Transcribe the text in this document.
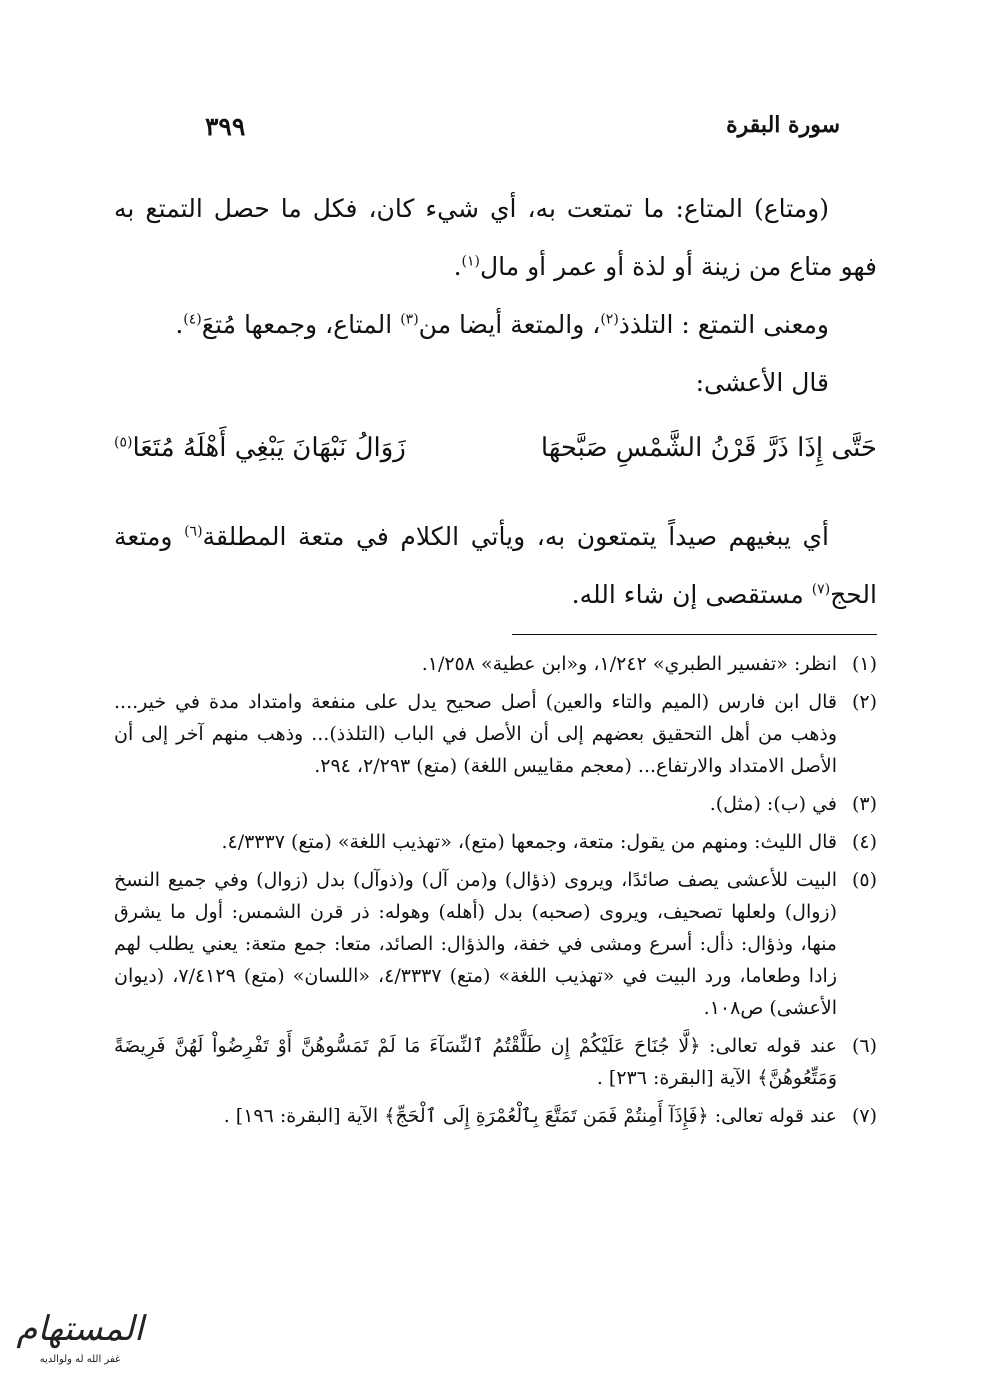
سورة البقرة
٣٩٩

(ومتاع) المتاع: ما تمتعت به، أي شيء كان، فكل ما حصل التمتع به فهو متاع من زينة أو لذة أو عمر أو مال$^{(١)}$.

ومعنى التمتع : التلذذ$^{(٢)}$، والمتعة أيضا من$^{(٣)}$ المتاع، وجمعها مُتعَ$^{(٤)}$.

قال الأعشى:

حَتَّى إِذَا ذَرَّ قَرْنُ الشَّمْسِ صَبَّحهَا
زَوَالُ نَبْهَانَ يَبْغِي أَهْلَهُ مُتَعَا$^{(٥)}$

أي يبغيهم صيداً يتمتعون به، ويأتي الكلام في متعة المطلقة$^{(٦)}$ ومتعة الحج$^{(٧)}$ مستقصى إن شاء الله.

(١)

انظر: «تفسير الطبري» ١/٢٤٢، و«ابن عطية» ١/٢٥٨.

(٢)

قال ابن فارس (الميم والتاء والعين) أصل صحيح يدل على منفعة وامتداد مدة في خير.... وذهب من أهل التحقيق بعضهم إلى أن الأصل في الباب (التلذذ)... وذهب منهم آخر إلى أن الأصل الامتداد والارتفاع... (معجم مقاييس اللغة) (متع) ٢/٢٩٣، ٢٩٤.

(٣)

في (ب): (مثل).

(٤)

قال الليث: ومنهم من يقول: متعة، وجمعها (متع)، «تهذيب اللغة» (متع) ٤/٣٣٣٧.

(٥)

البيت للأعشى يصف صائدًا، ويروى (ذؤال) و(من آل) و(ذوآل) بدل (زوال) وفي جميع النسخ (زوال) ولعلها تصحيف، ويروى (صحبه) بدل (أهله) وهوله: ذر قرن الشمس: أول ما يشرق منها، وذؤال: ذأل: أسرع ومشى في خفة، والذؤال: الصائد، متعا: جمع متعة: يعني يطلب لهم زادا وطعاما، ورد البيت في «تهذيب اللغة» (متع) ٤/٣٣٣٧، «اللسان» (متع) ٧/٤١٢٩، (ديوان الأعشى) ص١٠٨.

(٦)

عند قوله تعالى: ﴿لَّا جُنَاحَ عَلَيْكُمْ إِن طَلَّقْتُمُ ٱلنِّسَآءَ مَا لَمْ تَمَسُّوهُنَّ أَوْ تَفْرِضُواْ لَهُنَّ فَرِيضَةً وَمَتِّعُوهُنَّ﴾ الآية [البقرة: ٢٣٦] .

(٧)

عند قوله تعالى: ﴿فَإِذَآ أَمِنتُمْ فَمَن تَمَتَّعَ بِٱلْعُمْرَةِ إِلَى ٱلْحَجِّ﴾ الآية [البقرة: ١٩٦] .

المستهام
غفر الله له ولوالديه
